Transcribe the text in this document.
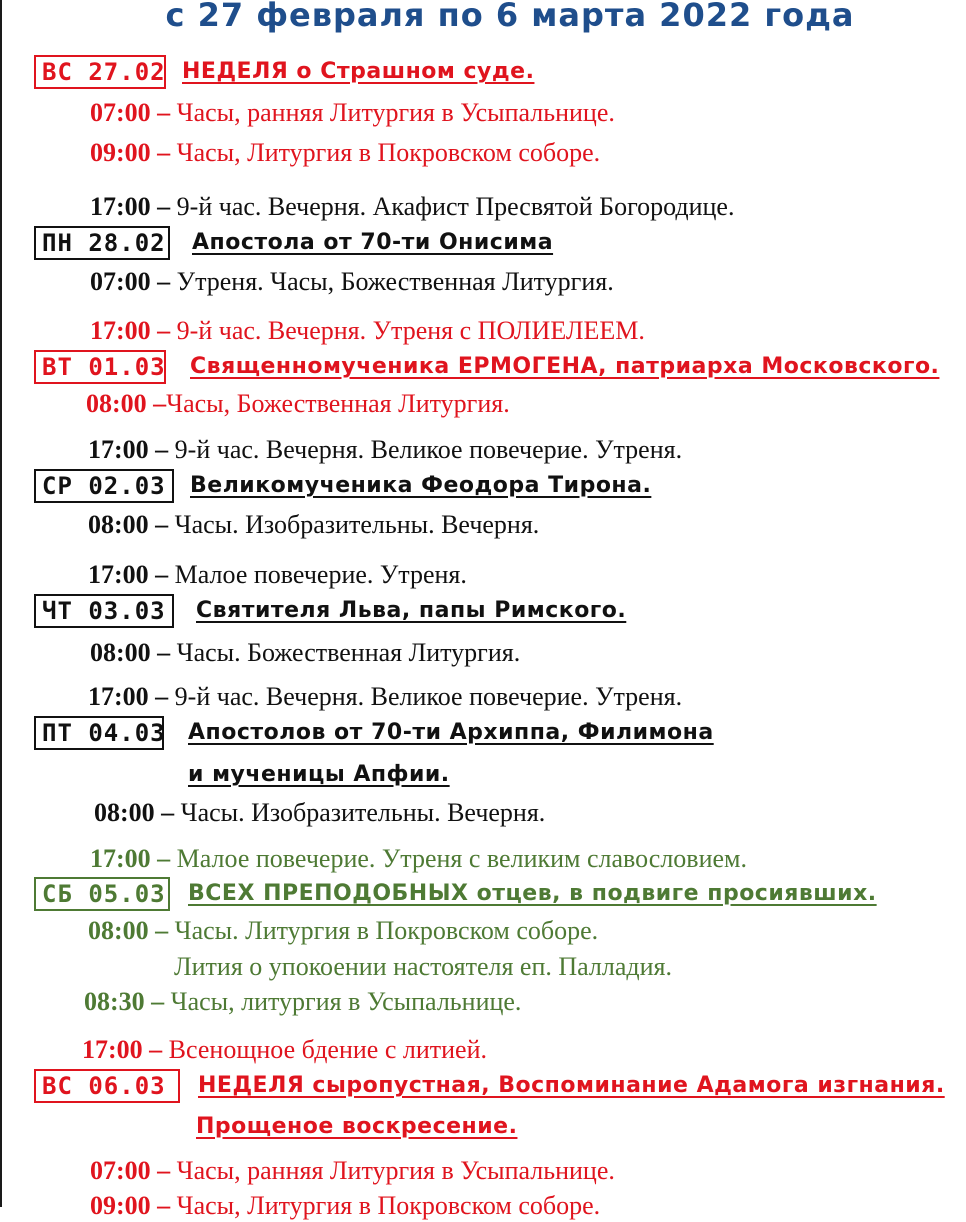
с 27 февраля по 6 марта 2022 года
ВС 27.02 НЕДЕЛЯ о Страшном суде.
07:00 – Часы, ранняя Литургия в Усыпальнице.
09:00 – Часы, Литургия в Покровском соборе.
17:00 – 9-й час. Вечерня. Акафист Пресвятой Богородице.
ПН 28.02 Апостола от 70-ти Онисима
07:00 – Утреня. Часы, Божественная Литургия.
17:00 – 9-й час. Вечерня. Утреня с ПОЛИЕЛЕЕМ.
ВТ 01.03 Священномученика ЕРМОГЕНА, патриарха Московского.
08:00 –Часы, Божественная Литургия.
17:00 – 9-й час. Вечерня. Великое повечерие. Утреня.
СР 02.03	Великомученика Феодора Тирона.
08:00 – Часы. Изобразительны. Вечерня.
17:00 – Малое повечерие. Утреня.
ЧТ 03.03	Святителя Льва, папы Римского.
08:00 – Часы. Божественная Литургия.
17:00 – 9-й час. Вечерня. Великое повечерие. Утреня.
ПТ 04.03 Апостолов от 70-ти Архиппа, Филимона
и мученицы Апфии.
08:00 – Часы. Изобразительны. Вечерня.
17:00 – Малое повечерие. Утреня с великим славословием.
СБ 05.03 ВСЕХ ПРЕПОДОБНЫХ отцев, в подвиге просиявших.
08:00 – Часы. Литургия в Покровском соборе.
Лития о упокоении настоятеля еп. Палладия.
08:30 – Часы, литургия в Усыпальнице.
17:00 – Всенощное бдение с литией.
ВС 06.03	НЕДЕЛЯ сыропустная, Воспоминание Адамога изгнания.
Прощеное воскресение.
07:00 – Часы, ранняя Литургия в Усыпальнице.
09:00 – Часы, Литургия в Покровском соборе.
